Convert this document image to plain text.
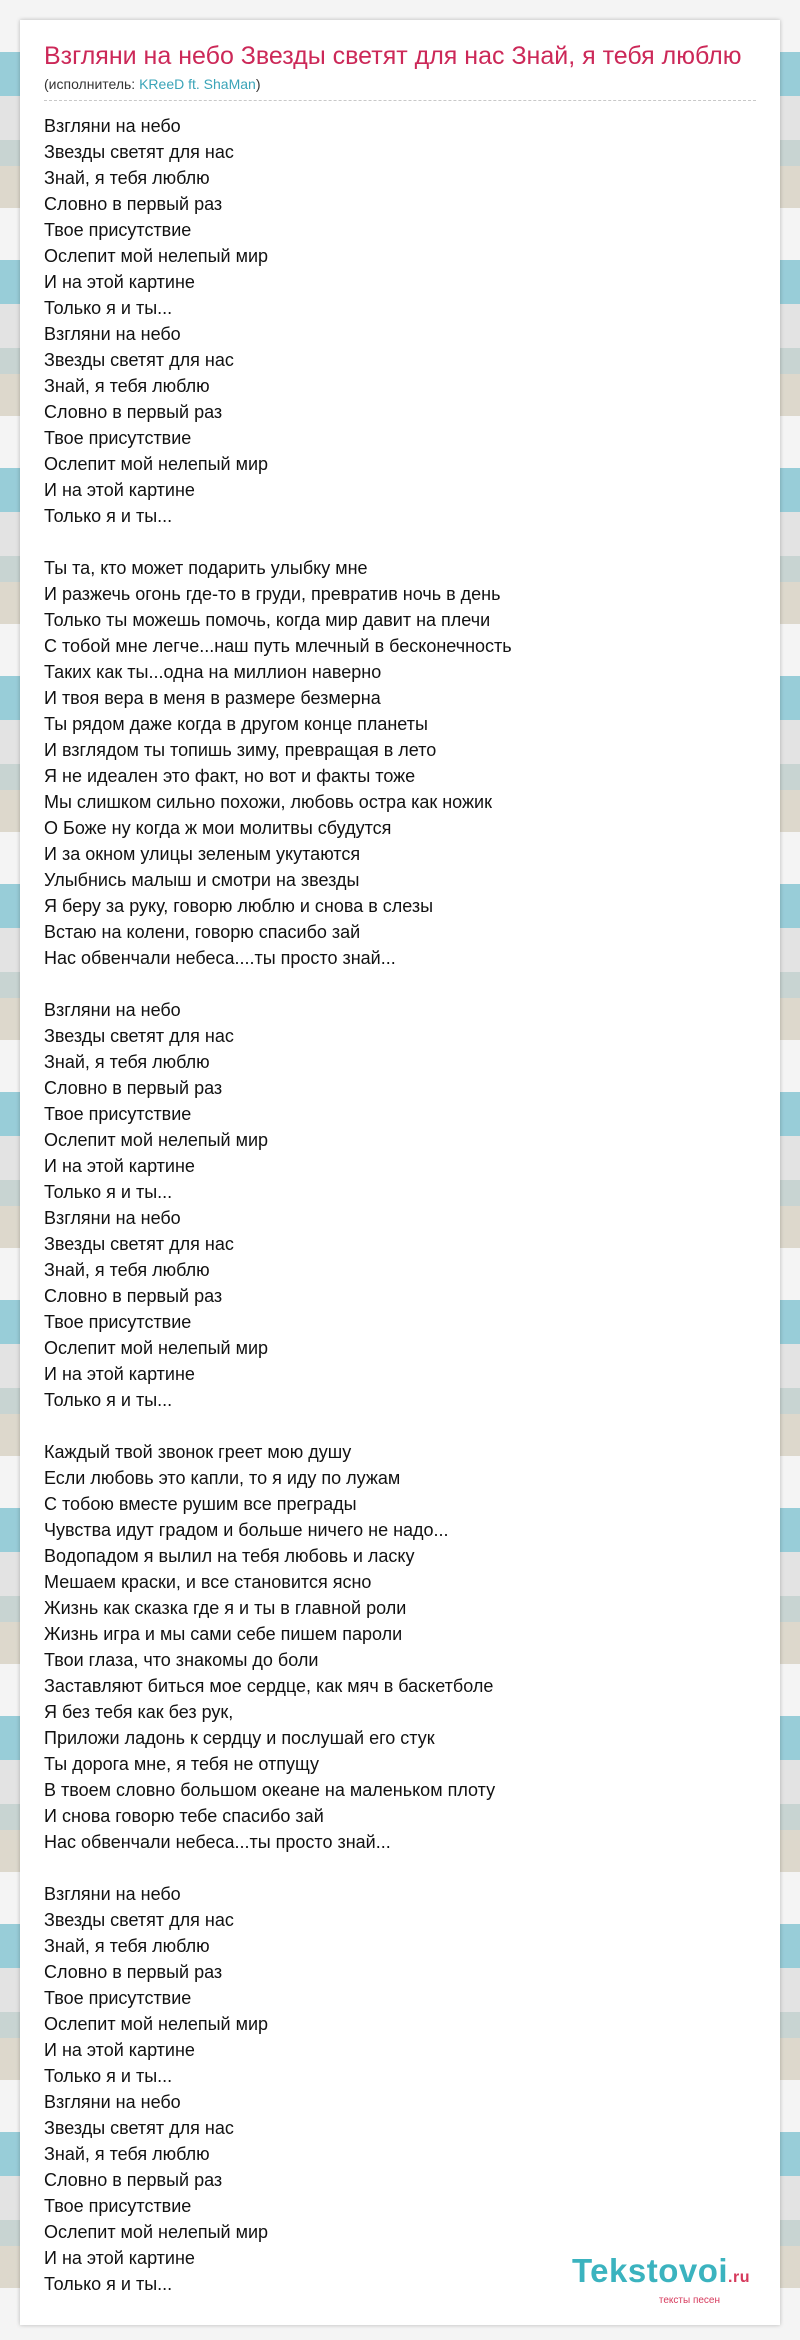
Взгляни на небо Звезды светят для нас Знай, я тебя люблю
(исполнитель: KReeD ft. ShaMan)
Взгляни на небо
Звезды светят для нас
Знай, я тебя люблю
Словно в первый раз
Твое присутствие
Ослепит мой нелепый мир
И на этой картине
Только я и ты...
Взгляни на небо
Звезды светят для нас
Знай, я тебя люблю
Словно в первый раз
Твое присутствие
Ослепит мой нелепый мир
И на этой картине
Только я и ты...
Ты та, кто может подарить улыбку мне
И разжечь огонь где-то в груди, превратив ночь в день
Только ты можешь помочь, когда мир давит на плечи
С тобой мне легче...наш путь млечный в бесконечность
Таких как ты...одна на миллион наверно
И твоя вера в меня в размере безмерна
Ты рядом даже когда в другом конце планеты
И взглядом ты топишь зиму, превращая в лето
Я не идеален это факт, но вот и факты тоже
Мы слишком сильно похожи, любовь остра как ножик
О Боже ну когда ж мои молитвы сбудутся
И за окном улицы зеленым укутаются
Улыбнись малыш и смотри на звезды
Я беру за руку, говорю люблю и снова в слезы
Встаю на колени, говорю спасибо зай
Нас обвенчали небеса....ты просто знай...
Взгляни на небо
Звезды светят для нас
Знай, я тебя люблю
Словно в первый раз
Твое присутствие
Ослепит мой нелепый мир
И на этой картине
Только я и ты...
Взгляни на небо
Звезды светят для нас
Знай, я тебя люблю
Словно в первый раз
Твое присутствие
Ослепит мой нелепый мир
И на этой картине
Только я и ты...
Каждый твой звонок греет мою душу
Если любовь это капли, то я иду по лужам
С тобою вместе рушим все преграды
Чувства идут градом и больше ничего не надо...
Водопадом я вылил на тебя любовь и ласку
Мешаем краски, и все становится ясно
Жизнь как сказка где я и ты в главной роли
Жизнь игра и мы сами себе пишем пароли
Твои глаза, что знакомы до боли
Заставляют биться мое сердце, как мяч в баскетболе
Я без тебя как без рук,
Приложи ладонь к сердцу и послушай его стук
Ты дорога мне, я тебя не отпущу
В твоем словно большом океане на маленьком плоту
И снова говорю тебе спасибо зай
Нас обвенчали небеса...ты просто знай...
Взгляни на небо
Звезды светят для нас
Знай, я тебя люблю
Словно в первый раз
Твое присутствие
Ослепит мой нелепый мир
И на этой картине
Только я и ты...
Взгляни на небо
Звезды светят для нас
Знай, я тебя люблю
Словно в первый раз
Твое присутствие
Ослепит мой нелепый мир
И на этой картине
Только я и ты...	Tekstovoi.ru
тексты песен
